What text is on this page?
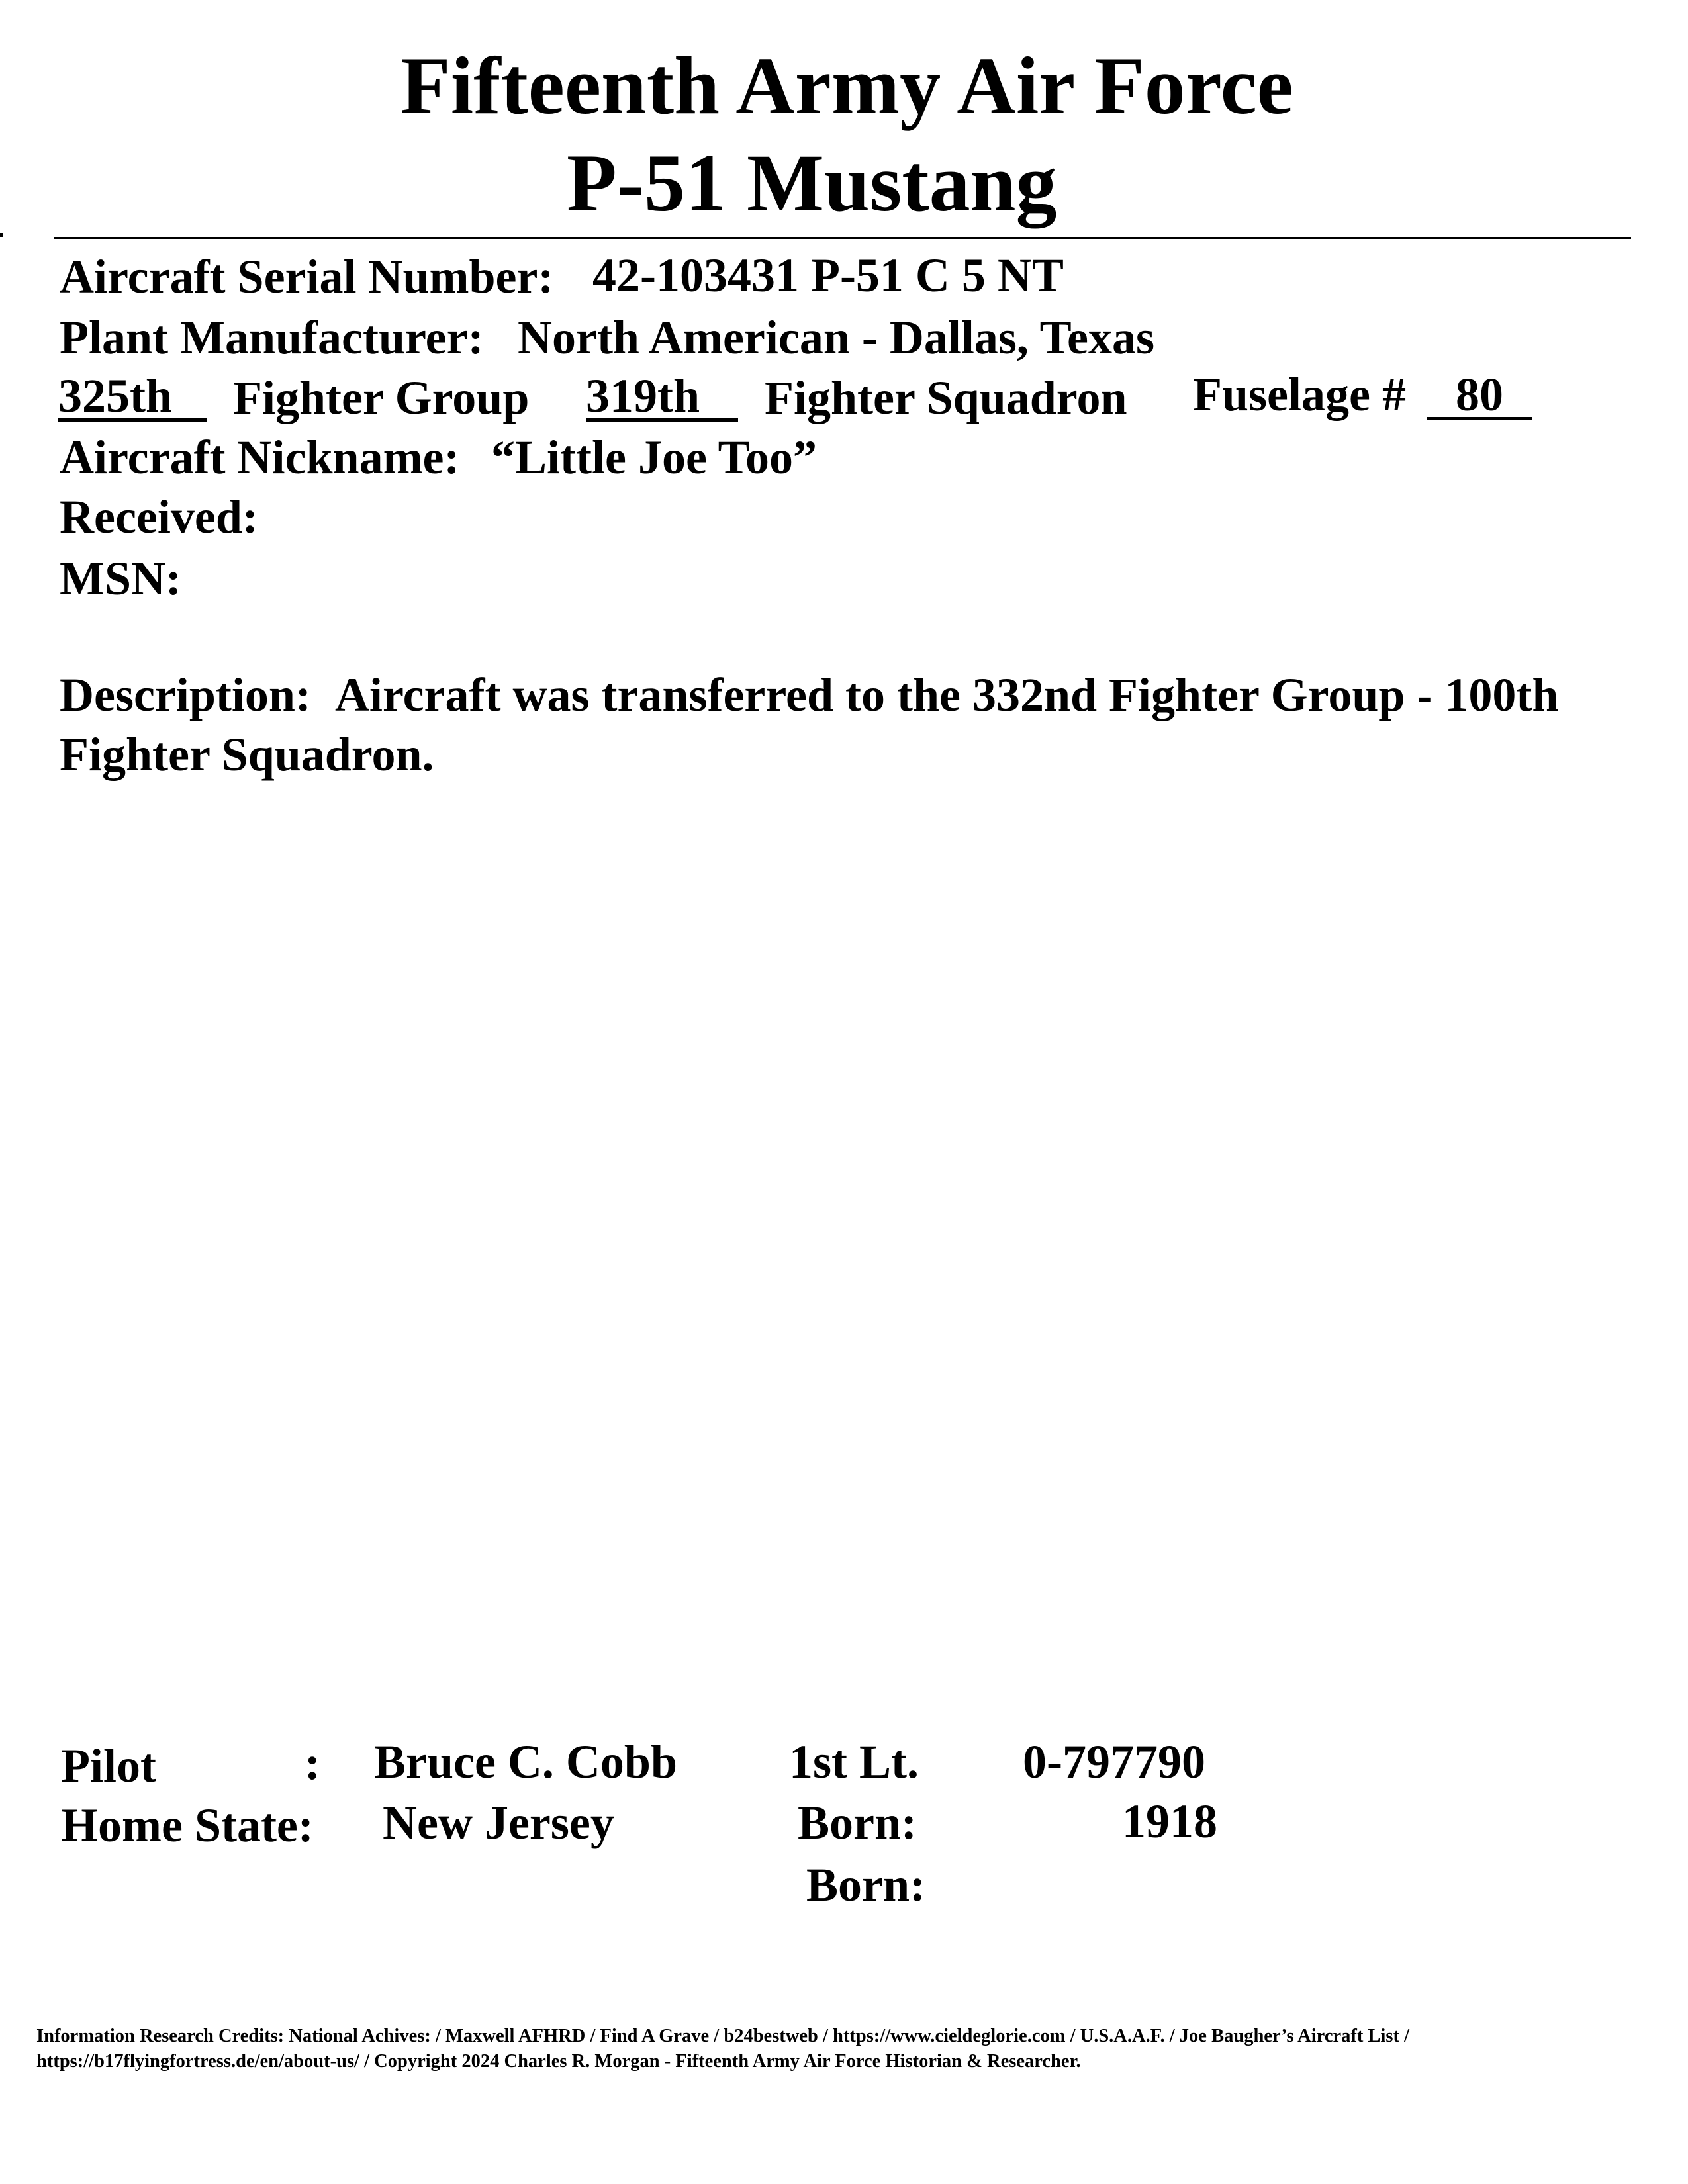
Fifteenth Army Air Force
P-51 Mustang
Aircraft Serial Number: 42-103431 P-51 C 5 NT
Plant Manufacturer: North American - Dallas, Texas
325th	Fighter Group 319th	Fighter Squadron Fuselage #	80
Aircraft Nickname: “Little Joe Too”
Received:
MSN:
Description: Aircraft was transferred to the 332nd Fighter Group - 100th Fighter Squadron.
Pilot	: Bruce C. Cobb 1st Lt. 0-797790
Home State: New Jersey	Born:	1918
Born:
Information Research Credits: National Achives: / Maxwell AFHRD / Find A Grave / b24bestweb / https://www.cieldeglorie.com / U.S.A.A.F. / Joe Baugher’s Aircraft List / https://b17flyingfortress.de/en/about-us/ / Copyright 2024 Charles R. Morgan - Fifteenth Army Air Force Historian & Researcher.
